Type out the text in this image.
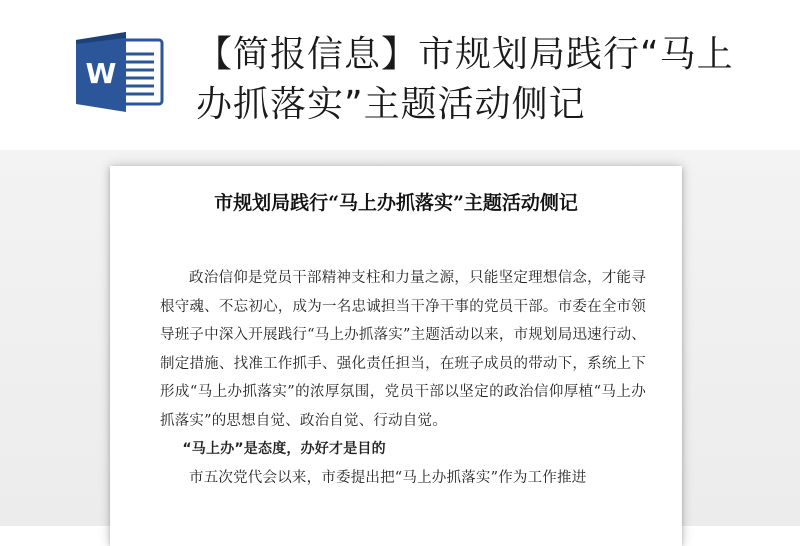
W 【简报信息】市规划局践行“马上办抓落实”主题活动侧记
市规划局践行“马上办抓落实”主题活动侧记

政治信仰是党员干部精神支柱和力量之源，只能坚定理想信念，才能寻根守魂、不忘初心，成为一名忠诚担当干净干事的党员干部。市委在全市领导班子中深入开展践行“马上办抓落实”主题活动以来，市规划局迅速行动、制定措施、找准工作抓手、强化责任担当，在班子成员的带动下，系统上下形成“马上办抓落实”的浓厚氛围，党员干部以坚定的政治信仰厚植“马上办抓落实”的思想自觉、政治自觉、行动自觉。

“马上办”是态度，办好才是目的

市五次党代会以来，市委提出把“马上办抓落实”作为工作推进
